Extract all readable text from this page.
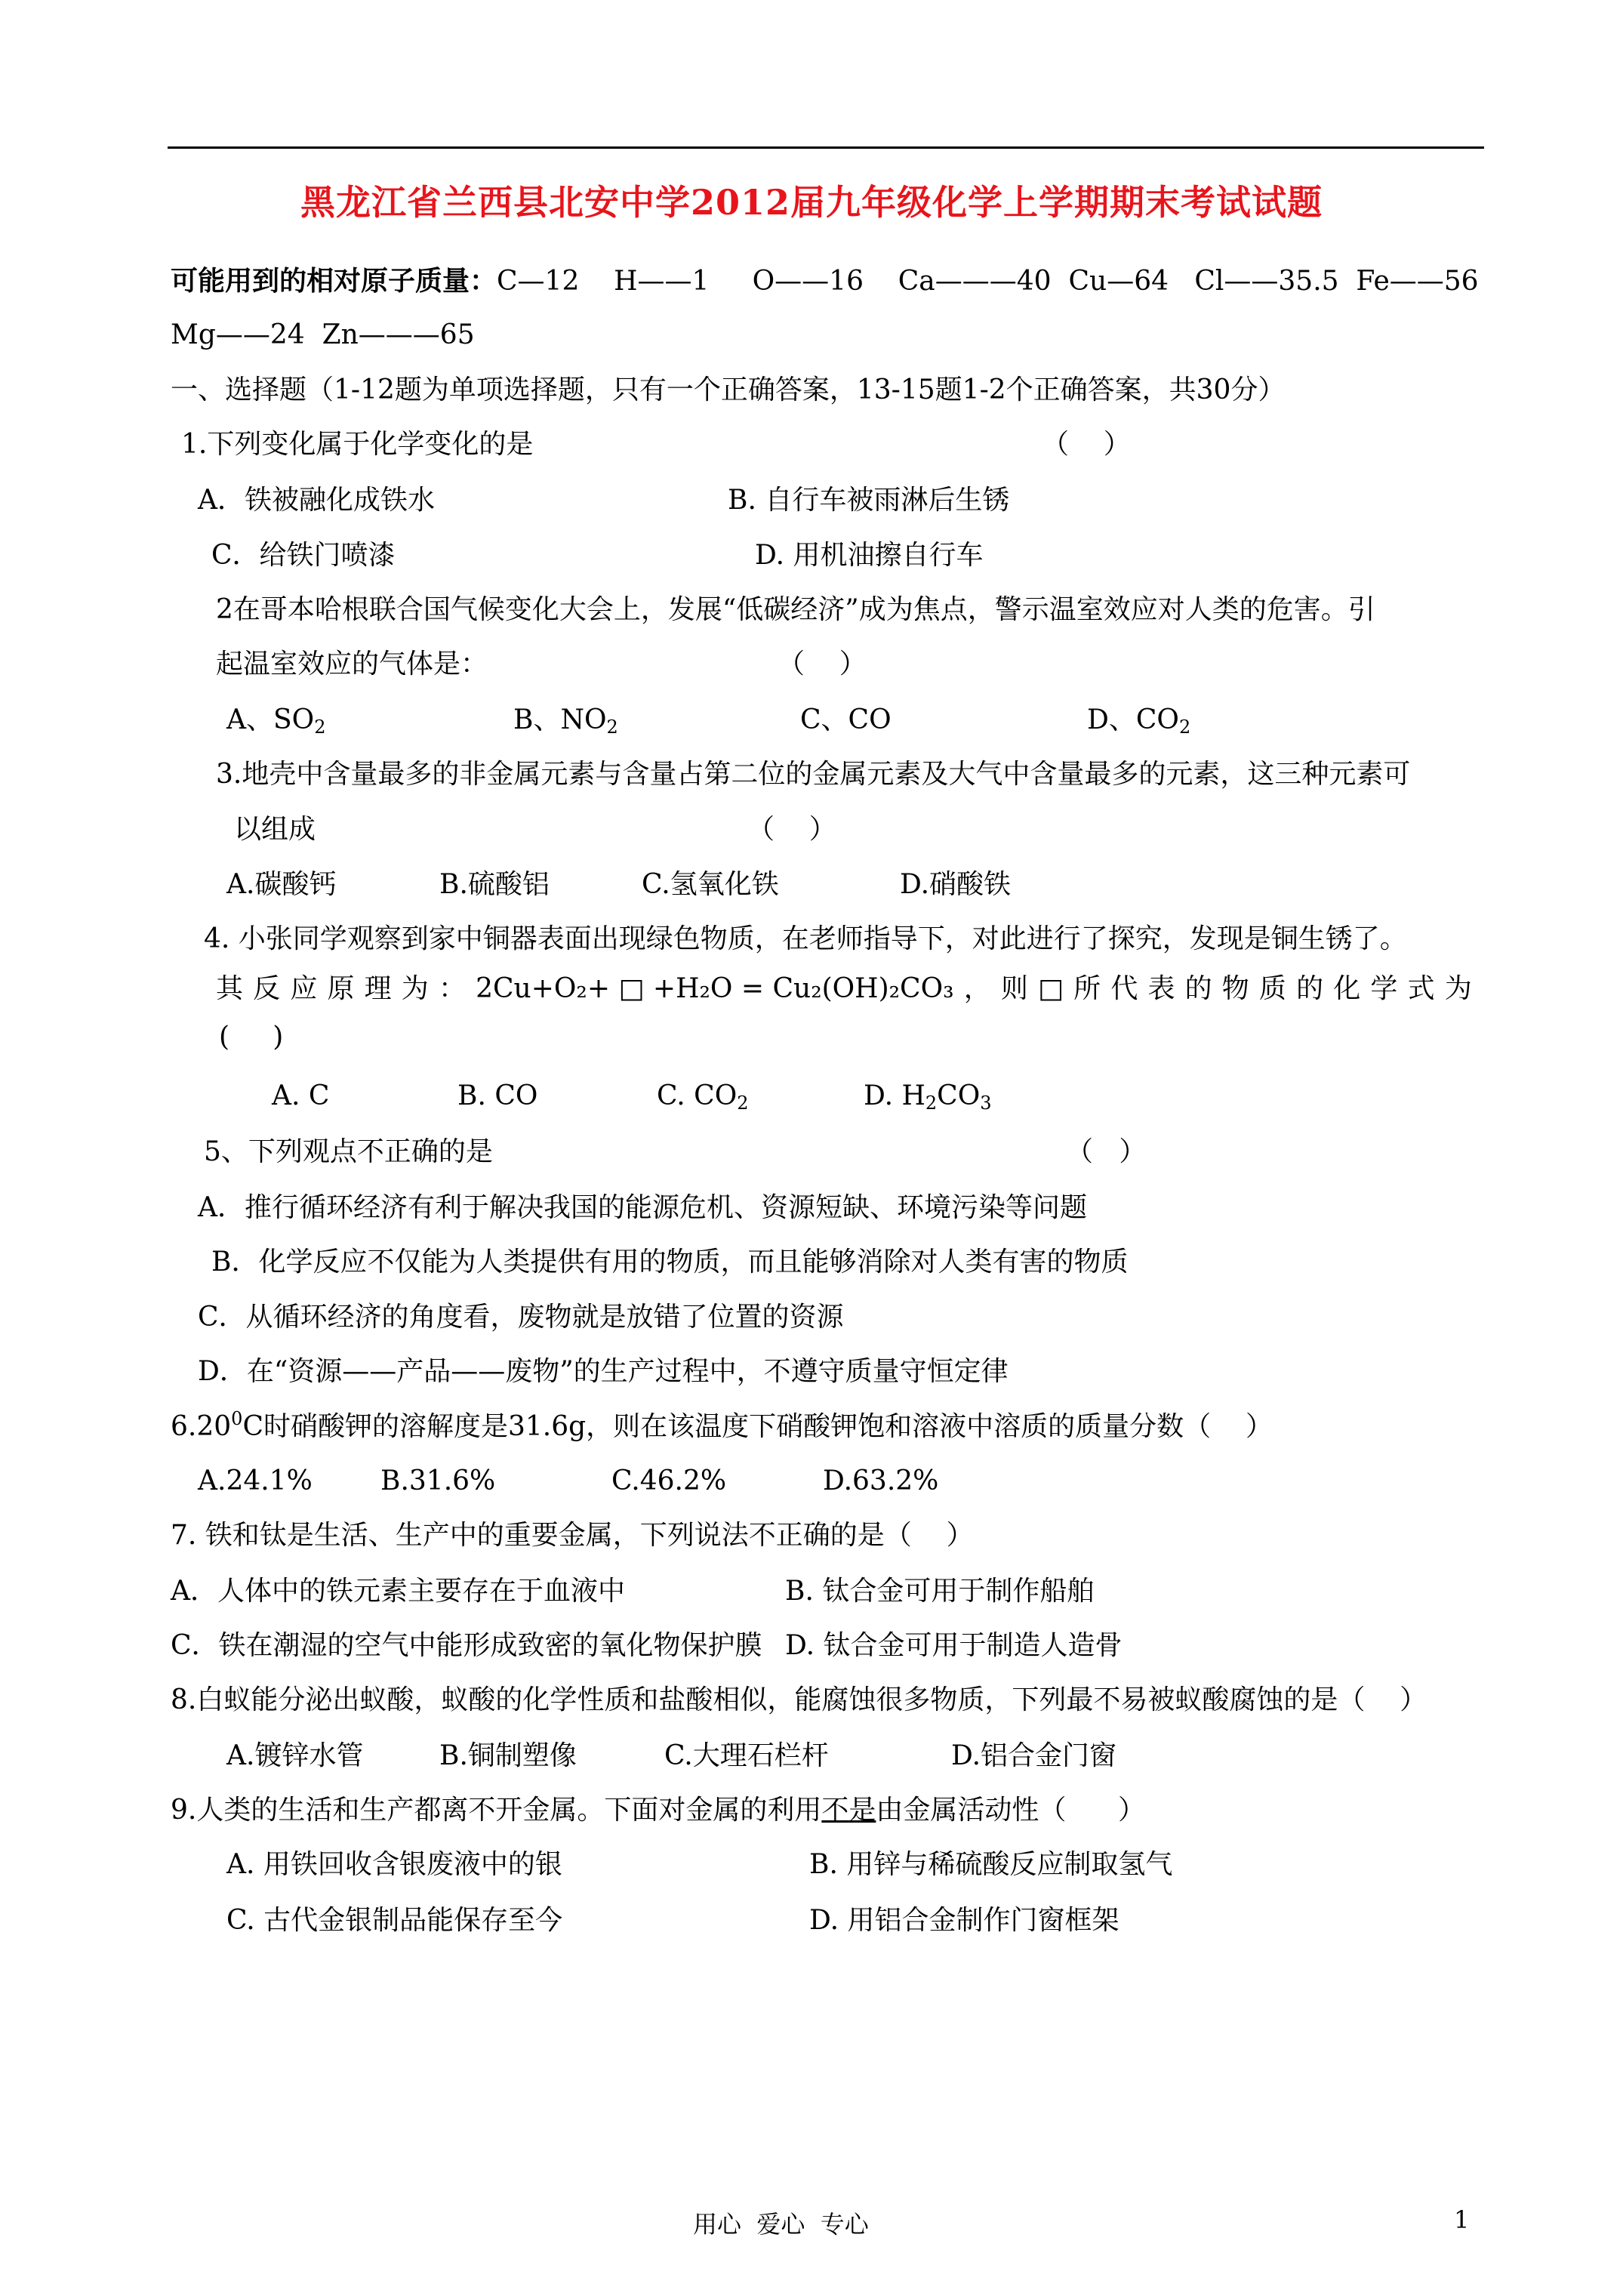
黑龙江省兰西县北安中学2012届九年级化学上学期期末考试试题
可能用到的相对原子质量：C—12    H——1     O——16    Ca———40  Cu—64   Cl——35.5  Fe——56
Mg——24  Zn———65
一、选择题（1-12题为单项选择题，只有一个正确答案，13-15题1-2个正确答案，共30分）
1.下列变化属于化学变化的是	（    ）
A．铁被融化成铁水	B. 自行车被雨淋后生锈
C．给铁门喷漆	D. 用机油擦自行车
2在哥本哈根联合国气候变化大会上，发展“低碳经济”成为焦点，警示温室效应对人类的危害。引
起温室效应的气体是：	（    ）
A、$SO_2$	B、$NO_2$	C、CO	D、$CO_2$
3.地壳中含量最多的非金属元素与含量占第二位的金属元素及大气中含量最多的元素，这三种元素可
以组成	（    ）
A.碳酸钙	B.硫酸铝	C.氢氧化铁	D.硝酸铁
4. 小张同学观察到家中铜器表面出现绿色物质，在老师指导下，对此进行了探究，发现是铜生锈了。
其 反 应 原 理 为 ： 2Cu+O₂+ □ +H₂O = Cu₂(OH)₂CO₃ ， 则 □ 所 代 表 的 物 质 的 化 学 式 为
(     )
A. C	B. CO	C. $CO_2$	D. $H_2CO_3$
5、下列观点不正确的是	（   ）
A．推行循环经济有利于解决我国的能源危机、资源短缺、环境污染等问题
B．化学反应不仅能为人类提供有用的物质，而且能够消除对人类有害的物质
C．从循环经济的角度看，废物就是放错了位置的资源
D．在“资源——产品——废物”的生产过程中，不遵守质量守恒定律
6.20$^0$C时硝酸钾的溶解度是31.6g，则在该温度下硝酸钾饱和溶液中溶质的质量分数（    ）
A.24.1%	B.31.6%	C.46.2%	D.63.2%
7. 铁和钛是生活、生产中的重要金属，下列说法不正确的是（    ）
A．人体中的铁元素主要存在于血液中	B. 钛合金可用于制作船舶
C．铁在潮湿的空气中能形成致密的氧化物保护膜 D. 钛合金可用于制造人造骨
8.白蚁能分泌出蚁酸，蚁酸的化学性质和盐酸相似，能腐蚀很多物质，下列最不易被蚁酸腐蚀的是（    ）
A.镀锌水管	B.铜制塑像	C.大理石栏杆	D.铝合金门窗
9.人类的生活和生产都离不开金属。下面对金属的利用不是由金属活动性（      ）
A. 用铁回收含银废液中的银	B. 用锌与稀硫酸反应制取氢气
C. 古代金银制品能保存至今	D. 用铝合金制作门窗框架
用心  爱心  专心	1
